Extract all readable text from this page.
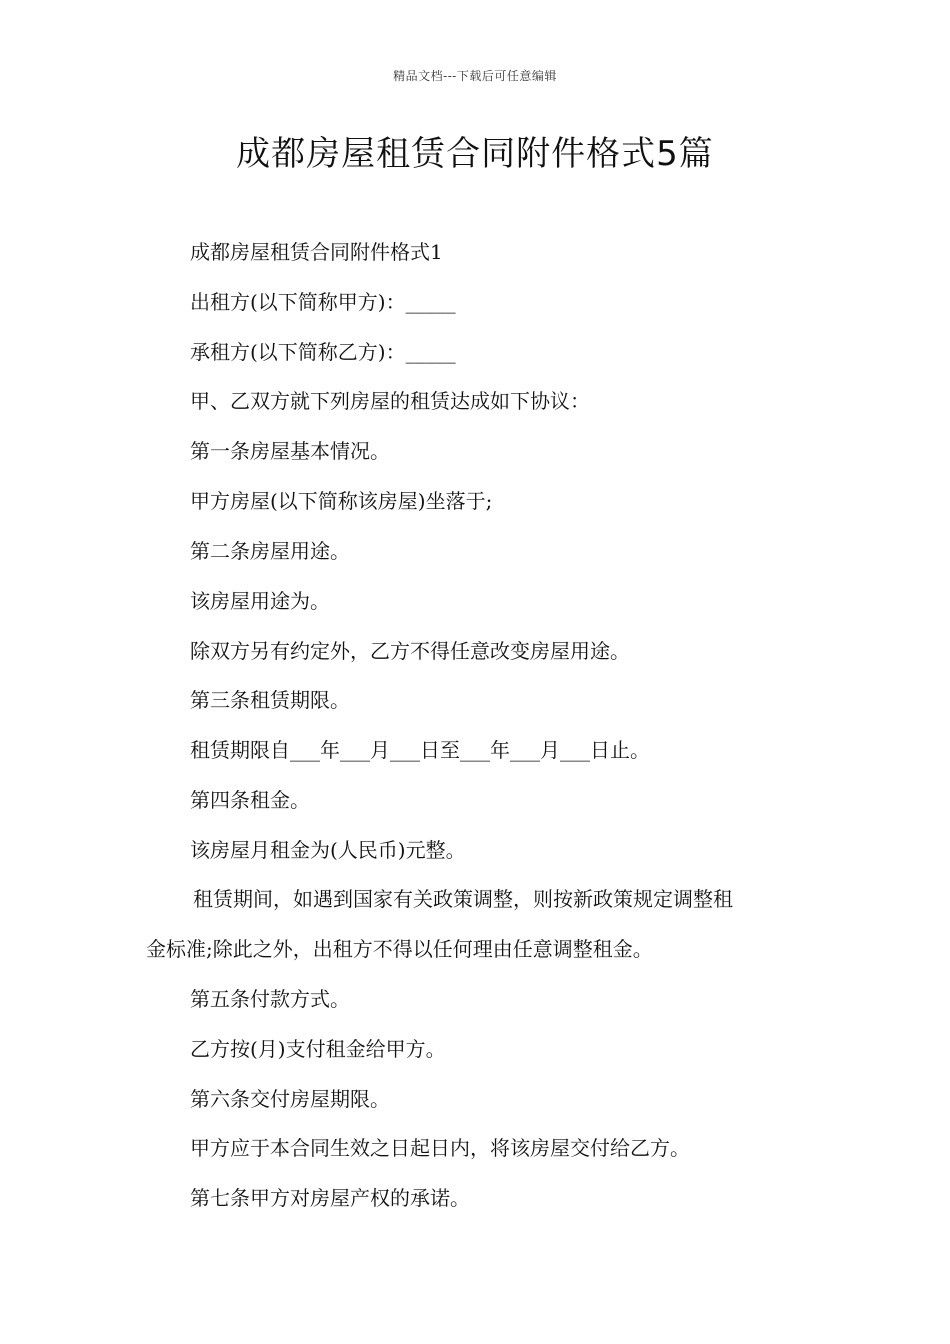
精品文档---下载后可任意编辑
成都房屋租赁合同附件格式5篇

成都房屋租赁合同附件格式1

出租方(以下简称甲方)：_____

承租方(以下简称乙方)：_____

甲、乙双方就下列房屋的租赁达成如下协议：

第一条房屋基本情况。

甲方房屋(以下简称该房屋)坐落于;

第二条房屋用途。

该房屋用途为。

除双方另有约定外，乙方不得任意改变房屋用途。

第三条租赁期限。

租赁期限自___年___月___日至___年___月___日止。

第四条租金。

该房屋月租金为(人民币)元整。

租赁期间，如遇到国家有关政策调整，则按新政策规定调整租

金标准;除此之外，出租方不得以任何理由任意调整租金。

第五条付款方式。

乙方按(月)支付租金给甲方。

第六条交付房屋期限。

甲方应于本合同生效之日起日内，将该房屋交付给乙方。

第七条甲方对房屋产权的承诺。
